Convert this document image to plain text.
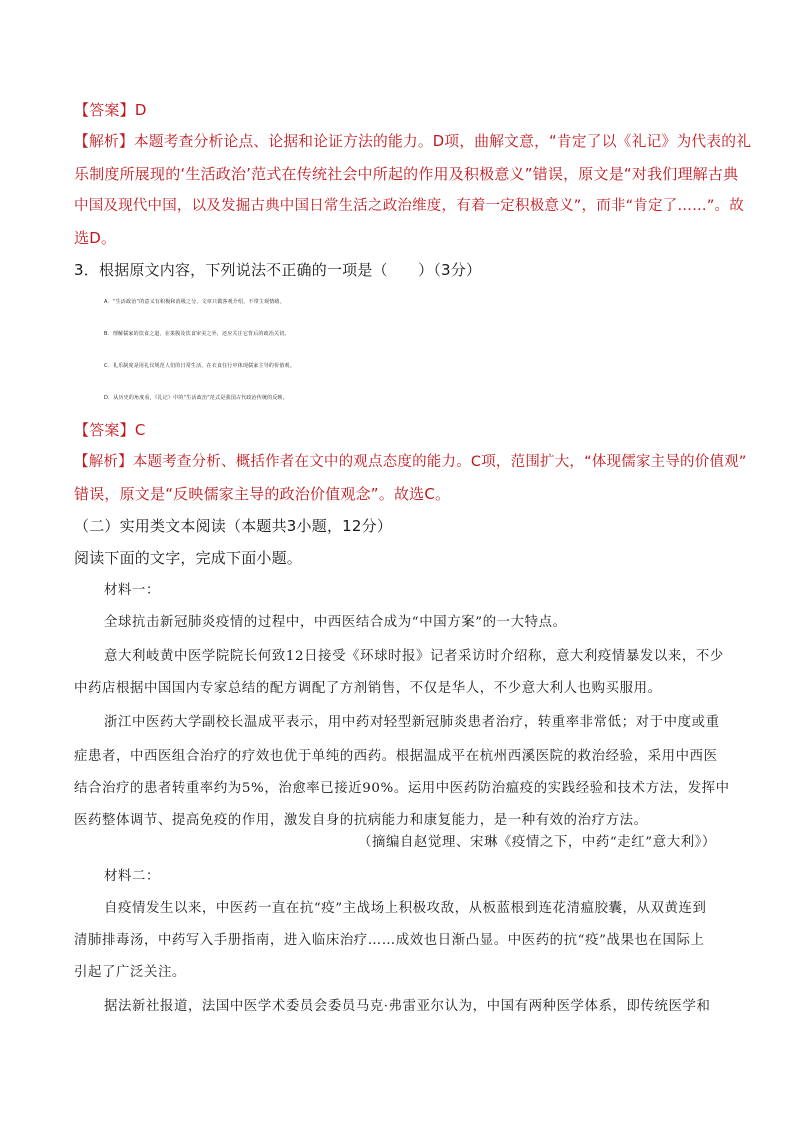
【答案】D
【解析】本题考查分析论点、论据和论证方法的能力。D项，曲解文意，“肯定了以《礼记》为代表的礼
乐制度所展现的‘生活政治’范式在传统社会中所起的作用及积极意义”错误，原文是“对我们理解古典
中国及现代中国，以及发掘古典中国日常生活之政治维度，有着一定积极意义”，而非“肯定了……”。故
选D。
3．根据原文内容，下列说法不正确的一项是（　　）（3分）
A．“生活政治”的意义有积极和消极之分，文章只做客观介绍，不带主观情绪。
B．理解儒家的饮食之道，在果腹及饮食审美之外，还应关注它背后的政治关切。
C．礼乐制度是用礼仪规范人们的日常生活，在衣食住行中体现儒家主导的价值观。
D．从历史的角度看，《礼记》中的“生活政治”范式是我国古代政治传统的反映。
【答案】C
【解析】本题考查分析、概括作者在文中的观点态度的能力。C项，范围扩大，“体现儒家主导的价值观”
错误，原文是“反映儒家主导的政治价值观念”。故选C。
（二）实用类文本阅读（本题共3小题，12分）
阅读下面的文字，完成下面小题。
材料一：
全球抗击新冠肺炎疫情的过程中，中西医结合成为“中国方案”的一大特点。
意大利岐黄中医学院院长何致12日接受《环球时报》记者采访时介绍称，意大利疫情暴发以来，不少
中药店根据中国国内专家总结的配方调配了方剂销售，不仅是华人，不少意大利人也购买服用。
浙江中医药大学副校长温成平表示，用中药对轻型新冠肺炎患者治疗，转重率非常低；对于中度或重
症患者，中西医组合治疗的疗效也优于单纯的西药。根据温成平在杭州西溪医院的救治经验，采用中西医
结合治疗的患者转重率约为5%，治愈率已接近90%。运用中医药防治瘟疫的实践经验和技术方法，发挥中
医药整体调节、提高免疫的作用，激发自身的抗病能力和康复能力，是一种有效的治疗方法。
（摘编自赵觉理、宋琳《疫情之下，中药“走红”意大利》）
材料二：
自疫情发生以来，中医药一直在抗“疫”主战场上积极攻敌，从板蓝根到连花清瘟胶囊，从双黄连到
清肺排毒汤，中药写入手册指南，进入临床治疗……成效也日渐凸显。中医药的抗“疫”战果也在国际上
引起了广泛关注。
据法新社报道，法国中医学术委员会委员马克·弗雷亚尔认为，中国有两种医学体系，即传统医学和
